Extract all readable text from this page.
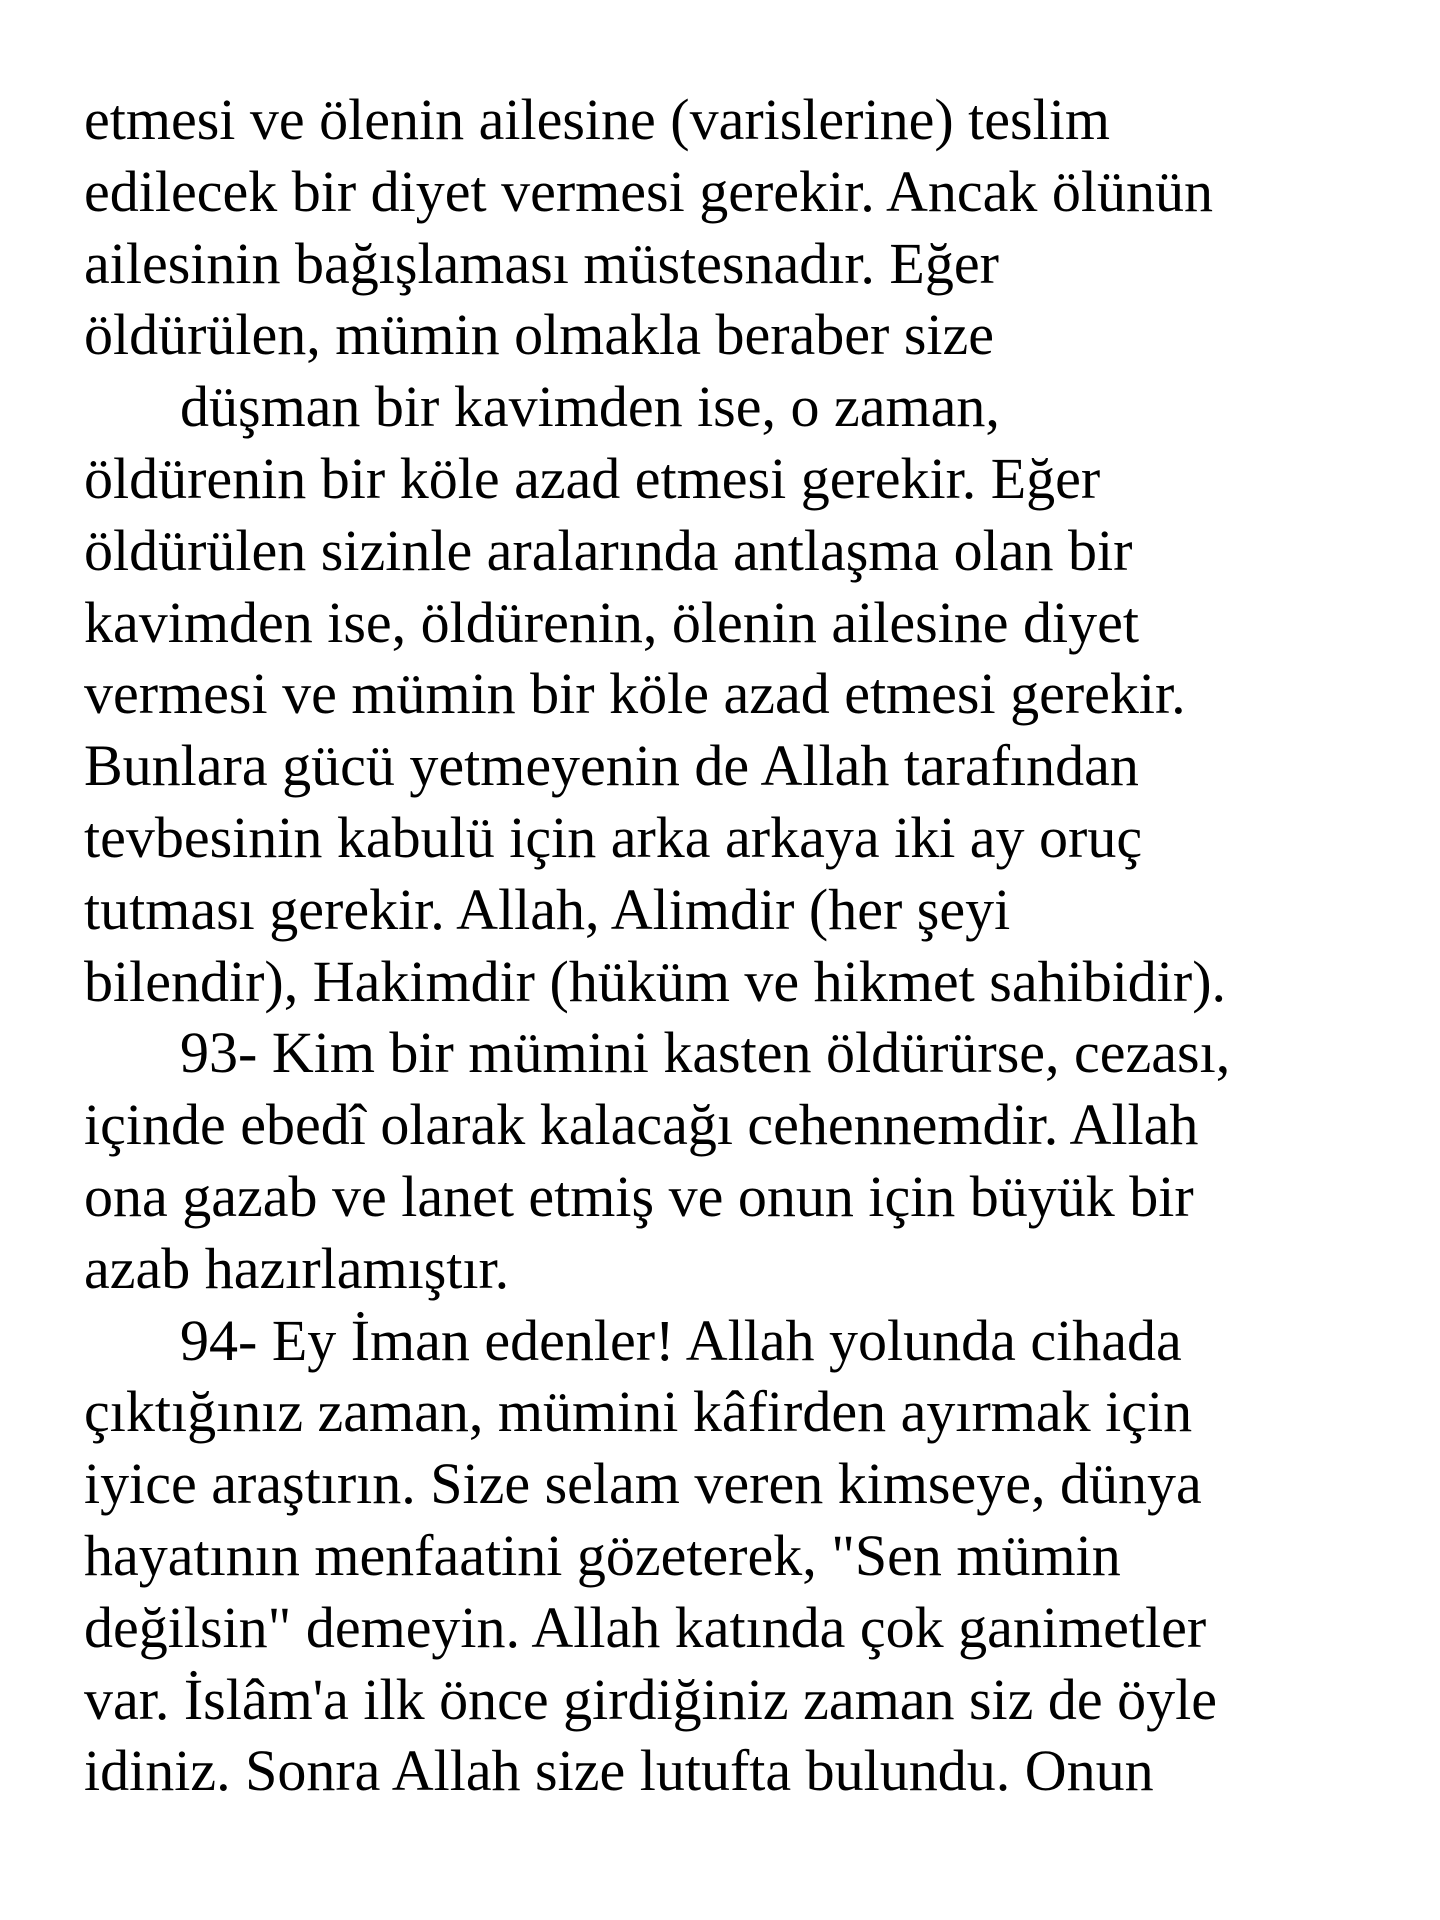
etmesi ve ölenin ailesine (varislerine) teslim
edilecek bir diyet vermesi gerekir. Ancak ölünün
ailesinin bağışlaması müstesnadır. Eğer
öldürülen, mümin olmakla beraber size
düşman bir kavimden ise, o zaman,
öldürenin bir köle azad etmesi gerekir. Eğer
öldürülen sizinle aralarında antlaşma olan bir
kavimden ise, öldürenin, ölenin ailesine diyet
vermesi ve mümin bir köle azad etmesi gerekir.
Bunlara gücü yetmeyenin de Allah tarafından
tevbesinin kabulü için arka arkaya iki ay oruç
tutması gerekir. Allah, Alimdir (her şeyi
bilendir), Hakimdir (hüküm ve hikmet sahibidir).
93- Kim bir mümini kasten öldürürse, cezası,
içinde ebedî olarak kalacağı cehennemdir. Allah
ona gazab ve lanet etmiş ve onun için büyük bir
azab hazırlamıştır.
94- Ey İman edenler! Allah yolunda cihada
çıktığınız zaman, mümini kâfirden ayırmak için
iyice araştırın. Size selam veren kimseye, dünya
hayatının menfaatini gözeterek, "Sen mümin
değilsin" demeyin. Allah katında çok ganimetler
var. İslâm'a ilk önce girdiğiniz zaman siz de öyle
idiniz. Sonra Allah size lutufta bulundu. Onun
